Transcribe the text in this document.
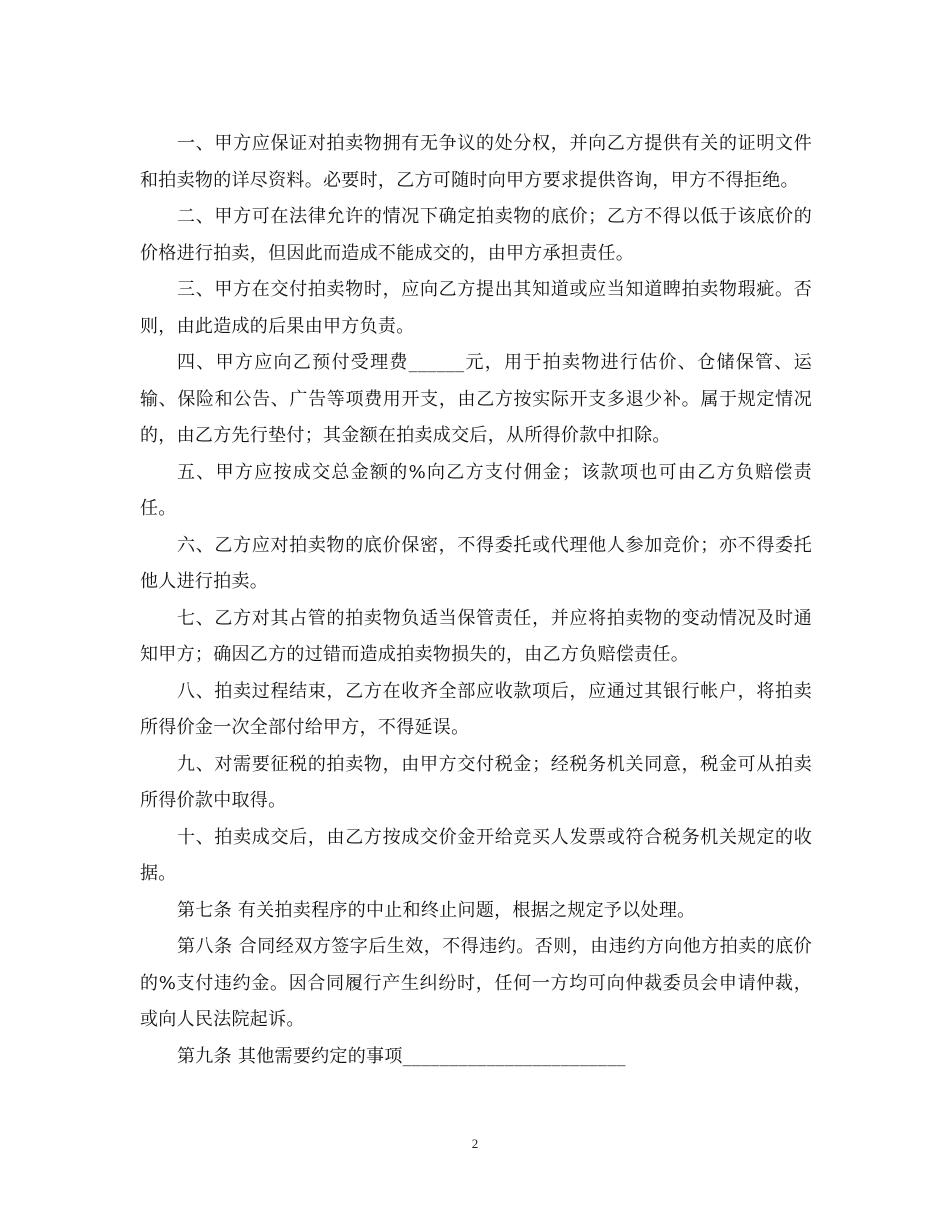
一、甲方应保证对拍卖物拥有无争议的处分权，并向乙方提供有关的证明文件和拍卖物的详尽资料。必要时，乙方可随时向甲方要求提供咨询，甲方不得拒绝。

二、甲方可在法律允许的情况下确定拍卖物的底价；乙方不得以低于该底价的价格进行拍卖，但因此而造成不能成交的，由甲方承担责任。

三、甲方在交付拍卖物时，应向乙方提出其知道或应当知道睥拍卖物瑕疵。否则，由此造成的后果由甲方负责。

四、甲方应向乙预付受理费______元，用于拍卖物进行估价、仓储保管、运输、保险和公告、广告等项费用开支，由乙方按实际开支多退少补。属于规定情况的，由乙方先行垫付；其金额在拍卖成交后，从所得价款中扣除。

五、甲方应按成交总金额的%向乙方支付佣金；该款项也可由乙方负赔偿责任。

六、乙方应对拍卖物的底价保密，不得委托或代理他人参加竞价；亦不得委托他人进行拍卖。

七、乙方对其占管的拍卖物负适当保管责任，并应将拍卖物的变动情况及时通知甲方；确因乙方的过错而造成拍卖物损失的，由乙方负赔偿责任。

八、拍卖过程结束，乙方在收齐全部应收款项后，应通过其银行帐户，将拍卖所得价金一次全部付给甲方，不得延误。

九、对需要征税的拍卖物，由甲方交付税金；经税务机关同意，税金可从拍卖所得价款中取得。

十、拍卖成交后，由乙方按成交价金开给竞买人发票或符合税务机关规定的收据。

第七条 有关拍卖程序的中止和终止问题，根据之规定予以处理。

第八条 合同经双方签字后生效，不得违约。否则，由违约方向他方拍卖的底价的%支付违约金。因合同履行产生纠纷时，任何一方均可向仲裁委员会申请仲裁，或向人民法院起诉。

第九条 其他需要约定的事项________________________

2
